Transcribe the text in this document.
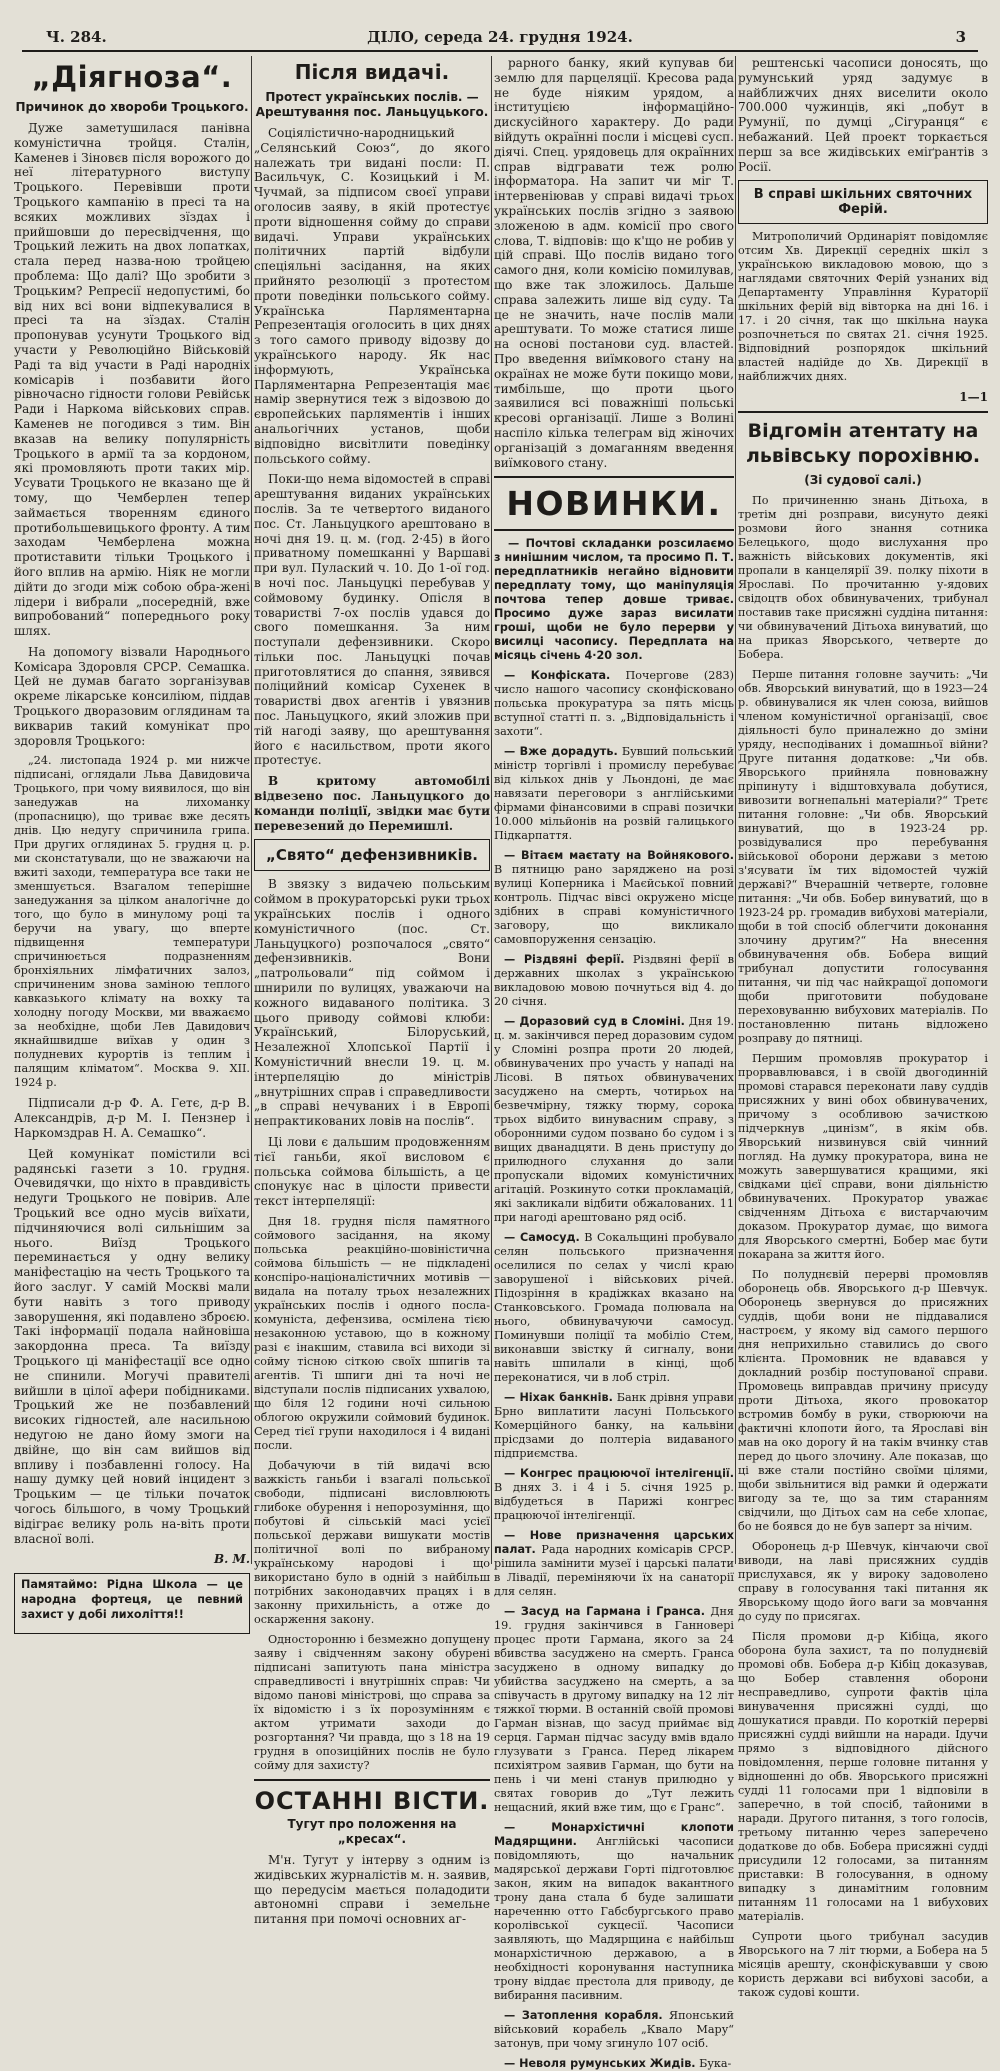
Ч. 284.	ДІЛО, середа 24. грудня 1924.	3
„Діягноза“.
Причинок до хвороби Троцького.

Дуже заметушилася панівна комуністична тройця. Сталін, Каменев і Зіновєв після ворожого до неї літературного виступу Троцького. Перевівши проти Троцького кампанію в пресі та на всяких можливих зїздах і прийшовши до пересвідчення, що Троцький лежить на двох лопатках, стала перед назва-ною тройцею проблема: Що далі? Що зробити з Троцьким? Репресії недопустимі, бо від них всі вони відпекувалися в пресі та на зїздах. Сталін пропонував усунути Троцького від участи у Революційно Військовій Раді та від участи в Раді народніх комісарів і позбавити його рівночасно гідности голови Ревійськ Ради і Наркома військових справ. Каменев не погодився з тим. Він вказав на велику популярність Троцького в армії та за кордоном, які промовляють проти таких мір. Усувати Троцького не вказано ще й тому, що Чемберлен тепер займається творенням єдиного протибольшевицького фронту. А тим заходам Чемберлена можна протиставити тільки Троцького і його вплив на армію. Ніяк не могли дійти до згоди між собою обра-жені лідери і вибрали „посередній, вже випробований“ попереднього року шлях.

На допомогу візвали Народнього Комісара Здоровля СРСР. Семашка. Цей не думав багато зорганізував окреме лікарське консиліюм, піддав Троцького дворазовим оглядинам та викварив такий комунікат про здоровля Троцького:

„24. листопада 1924 р. ми нижче підписані, оглядали Льва Давидовича Троцького, при чому виявилося, що він занедужав на лихоманку (пропасницю), що триває вже десять днів. Цю недугу спричинила грипа. При других оглядинах 5. грудня ц. р. ми сконстатували, що не зважаючи на вжиті заходи, температура все таки не зменшується. Взагалом теперішне занедужання за цілком аналогічне до того, що було в минулому році та беручи на увагу, що вперте підвищення температури спричинюється подразненням бронхіяльних лімфатичних залоз, спричиненим знова заміною теплого кавказького клімату на вохку та холодну погоду Москви, ми вважаємо за необхідне, щоби Лев Давидович якнайшвидше виїхав у один з полудневих курортів із теплим і палящим кліматом“. Москва 9. ХІІ. 1924 р.

Підписали д-р Ф. А. Гетє, д-р В. Александрів, д-р М. І. Пензнер і Наркомздрав Н. А. Семашко“.

Цей комунікат помістили всі радянські газети з 10. грудня. Очевидячки, що ніхто в правдивість недуги Троцького не повірив. Але Троцький все одно мусів виїхати, підчиняючися волі сильнішим за нього. Виїзд Троцького переминається у одну велику маніфестацію на честь Троцького та його заслуг. У самій Москві мали бути навіть з того приводу заворушення, які подавлено зброєю. Такі інформації подала найновіша закордонна преса. Та виїзду Троцького ці маніфестації все одно не спинили. Могучі правителі вийшли в цілої афери побідниками. Троцький же не позбавлений високих гідностей, але насильною недугою не дано йому змоги на двійне, що він сам вийшов від впливу і позбавленні голосу. На нашу думку цей новий інцидент з Троцьким — це тільки початок чогось більшого, в чому Троцький відіграє велику роль на-віть проти власної волі.

В. М.

Памятаймо: Рідна Школа — це народна фортеця, це певний захист у добі лихоліття!!

Після видачі.
Протест українських послів. — Арештування пос. Ланьцуцького.

Соціялістично-народницький „Селянський Союз“, до якого належать три видані посли: П. Васильчук, С. Козицький і М. Чучмай, за підписом своєї управи оголосив заяву, в якій протестує проти відношення сойму до справи видачі. Управи українських політичних партій відбули спеціяльні засідання, на яких прийнято резолюції з протестом проти поведінки польського сойму. Українська Парляментарна Репрезентація оголосить в цих днях з того самого приводу відозву до українського народу. Як нас інформують, Українська Парляментарна Репрезентація має намір звернутися теж з відозвою до європейських парляментів і інших анальогічних установ, щоби відповідно висвітлити поведінку польського сойму.

Поки-що нема відомостей в справі арештування виданих українських послів. За те четвертого виданого пос. Ст. Ланьцуцкого арештовано в ночі дня 19. ц. м. (год. 2·45) в його приватному помешканні у Варшаві при вул. Пулаский ч. 10. До 1-ої год. в ночі пос. Ланьцуцкі перебував у соймовому будинку. Опісля в товаристві 7-ох послів удався до свого помешкання. За ним поступали дефензивники. Скоро тільки пос. Ланьцуцкі почав приготовлятися до спання, зявився поліцийний комісар Сухенек в товаристві двох агентів і увязнив пос. Ланьцуцкого, який зложив при тій нагоді заяву, що арештування його є насильством, проти якого протестує.

В критому автомобілі відвезено пос. Ланьцуцкого до команди поліції, звідки має бути перевезений до Перемишлі.

„Свято“ дефензивників.

В звязку з видачею польським соймом в прокураторські руки трьох українських послів і одного комуністичного (пос. Ст. Ланьцуцкого) розпочалося „свято“ дефензивників. Вони „патрольовали“ під соймом і шнирили по вулицях, уважаючи на кожного видаваного політика. З цього приводу соймові клюби: Український, Білоруський, Незалежної Хлопської Партії і Комуністичний внесли 19. ц. м. інтерпеляцію до міністрів „внутрішних справ і справедливости „в справі нечуваних і в Европі непрактикованих ловів на послів“.

Ці лови є дальшим продовженням тієї ганьби, якої висловом є польська соймова більшість, а це спонукує нас в цілости привести текст інтерпеляції:

Дня 18. грудня після памятного соймового засідання, на якому польська реакційно-шовіністична соймова більшість — не підкладені конспіро-націоналістичних мотивів — видала на поталу трьох незалежних українських послів і одного посла-комуніста, дефензива, осмілена тією незаконною уставою, що в кожному разі є інакшим, ставила всі виходи зі сойму тісною сіткою своїх шпигів та агентів. Ті шпиги дні та ночі не відступали послів підписаних ухвалою, що біля 12 години ночі сильною облогою окружили соймовий будинок. Серед тієї групи находилося і 4 видані посли.

Добачуючи в тій видачі всю важкість ганьби і взагалі польської свободи, підписані висловлюють глибоке обурення і непорозуміння, що побутові й сільській масі усієї польської держави вишукати мостів політичної волі по вибраному українському народові і що використано було в одній з найбільш потрібних законодавчих працях і в законну прихильність, а отже до оскарження закону.

Односторонню і безмежно допущену заяву і свідченням закону обурені підписані запитують пана міністра справедливості і внутрішніх справ: Чи відомо панові міністрові, що справа за їх відомістю і з їх порозумінням є актом утримати заходи до розгортання? Чи правда, що з 18 на 19 грудня в опозиційних послів не було сойму для захисту?

ОСТАННІ ВІСТИ.
Тугут про положення на „кресах“.

М'н. Тугут у інтерву з одним із жидівських журналістів м. н. заявив, що передусім мається поладодити автономні справи і земельне питання при помочі основних аг-

рарного банку, який купував би землю для парцеляції. Кресова рада не буде ніяким урядом, а інституцією інформаційно-дискусійного характеру. До ради війдуть окраїнні посли і місцеві сусп. діячі. Спец. урядовець для окраїнних справ відгравати теж ролю інформатора. На запит чи міг Т. інтервеніював у справі видачі трьох українських послів згідно з заявою зложеною в адм. комісії про свого слова, Т. відповів: що к'що не робив у цій справі. Що послів видано того самого дня, коли комісію помилував, що вже так зложилось. Дальше справа залежить лише від суду. Та це не значить, наче послів мали арештувати. Тo може статися лише на основі постанови суд. властей. Про введення виїмкового стану на окраїнах не може бути покищо мови, тимбільше, що проти цього заявилися всі поважніші польські кресові організації. Лише з Волині наспіло кілька телеграм від жіночих організацій з домаганням введення виїмкового стану.

НОВИНКИ.

— Почтові складанки розсилаємо з нинішним числом, та просимо П. Т. передплатників негайно відновити передплату тому, що маніпуляція почтова тепер довше триває. Просимо дуже зараз висилати гроші, щоби не було перерви у висилці часопису. Передплата на місяць січень 4·20 зол.

— Конфіската. Почерговe (283) число нашого часопису сконфісковано польська прокуратура за пять місць вступної статті п. з. „Відповідальність і захоти“.

— Вже дорадуть. Бувший польський міністр торгівлі і промислу перебуває від кількох днів у Льондоні, де має навязати переговори з англійськими фірмами фінансовими в справі позички 10.000 мільйонів на розвій галицького Підкарпаття.

— Вітаєм маєтату на Войнякового. В пятницю рано заряджено на розі вулиці Коперника і Маєйськoї повний контроль. Підчас вівсі окружено місце здібних в справі комуністичного заговору, що викликало самовпоруження сензацію.

— Різдвяні ферії. Різдвяні ферії в державних школах з українською викладовою мовою почнуться від 4. до 20 січня.

— Доразовий суд в Сломіні. Дня 19. ц. м. закінчився перед доразовим судом у Сломіні розпра проти 20 людей, обвинувачених про участь у нападі на Лісові. В пятьох обвинувачених засуджено на смерть, чотирьох на безвечмірну, тяжку тюрму, сорока трьох відбито винувасним справу, з оборонними судом позвано бо судом і з вищих дванадцяти. В день приступу до прилюдного слухання до зали пропускали відомих комуністичних агітацій. Розкинуто сотки прокламацій, які закликали відбити обжалованих. 11 при нагоді арештовано ряд осіб.

— Самосуд. В Сокальщині пробувало селян польського призначення оселилися по селах у числі краю заворушеної і військових річей. Підозріння в крадіжках вказано на Станковського. Громада полювала на нього, обвинувачуючи самосуд. Поминувши поліції та мобіліо Стем, виконавши звістку й сигналу, вони навіть шпилали в кінці, щоб переконатися, чи в лоб стріл.

— Ніхак банкнів. Банк дрівня управи Брно виплатити ласуні Польського Комерційного банку, на кальвіни прісдзами до полтеріа видаваного підприємства.

— Конгрес працюючої інтелігенції. В днях 3. і 4 і 5. січня 1925 р. відбудеться в Парижі конгрес працюючої інтелігенції.

— Нове призначення царських палат. Рада народних комісарів СРСР. рішила замінити музеї і царські палати в Лівадії, переміняючи їх на санаторії для селян.

— Засуд на Гармана і Гранса. Дня 19. грудня закінчився в Ганновері процес проти Гармана, якого за 24 вбивства засуджено на смерть. Гранса засуджено в одному випадку до убийства засуджено на смерть, а за співучасть в другому випадку на 12 літ тяжкої тюрми. В останній своїй промові Гарман візнав, що засуд приймає від серця. Гарман підчас засуду вмів вдало глузувати з Гранса. Перед лікарем психіятром заявив Гарман, що бути на пень і чи мені станув прилюдно у святах говорив до „Тут лежить нещасний, який вже тим, що є Гранс“.

— Монархістичні клопоти Мадярщини. Англійські часописи повідомляють, що начальник мадярської держави Горті підготовлює закон, яким на випадок вакантного трону дана стала б буде залишати нареченню отто Габсбургського право королівської сукцесії. Часописи заявляють, що Мадярщина є найбільш монархістичною державою, а в необхідності коронування наступника трону віддає престола для приводу, де вибирання пасивним.

— Затоплення корабля. Японський військовий корабель „Квало Мару“ затонув, при чому згинуло 107 осіб.

— Неволя румунських Жидів. Бука-

рештенські часописи доносять, що румунський уряд задумує в найближчих днях виселити около 700.000 чужинців, які „побут в Румунії, по думці „Сігуранця“ є небажаний. Цей проект торкається перш за все жидівських еміґрантів з Росії.

В справі шкільних святочних Ферій.

Митрополичий Ординаріят повідомляє отсим Хв. Дирекції середніх шкіл з українською викладовою мовою, що з наглядами святочних Ферій узнаних від Департаменту Управління Кураторії шкільних ферій від вівторка на дні 16. і 17. і 20 січня, так що шкільна наука розпочнеться по святах 21. січня 1925. Відповідний розпорядок шкільний властей надійде до Хв. Дирекції в найближчих днях.

1—1

Відгомін атентату на львівську порохівню.
(Зі судової салі.)

По причиненню знань Дітьоха, в третім дні розправи, висунуто деякі розмови його знання сотника Белецького, щодо вислухання про важність військових документів, які пропали в канцелярії 39. полку піхоти в Ярославі. По прочитанню у-ядових свідоцтв обох обвинувачених, трибунал поставив таке присяжні суддіна питання: чи обвинувачений Дітьоха винуватий, що на приказ Яворського, четверте до Бобера.

Перше питання головне заучить: „Чи обв. Яворський винуватий, що в 1923—24 р. обвинувалися як член союза, вийшов членом комуністичної організації, своє діяльності було приналежно до зміни уряду, несподіваних і домашньої війни? Друге питання додаткове: „Чи обв. Яворського прийняла повноважну пріпинуту і відштовхувала добутися, вивозити вогнепальні матеріали?“ Третє питання головне: „Чи обв. Яворський винуватий, що в 1923-24 рр. розвідувалися про перебування військової оборони держави з метою з'ясувати їм тих відомостей чужій державі?“ Вчерашній четверте, головне питання: „Чи обв. Бобер винуватий, що в 1923-24 рр. громадив вибухові матеріали, щоби в той спосіб облегчити доконання злочину другим?“ На внесення обвинувачення обв. Бобера вищий трибунал допустити голосування питання, чи під час найкращої допомоги щоби приготовити побудоване переховуванню вибухових матеріалів. По постановленню питань відложено розправу до пятниці.

Першим промовляв прокуратор і прорвавлювався, і в своїй двогодинній промові старався переконати лаву суддів присяжних у вині обох обвинувачених, причому з особливою зачисткою підчеркнув „цинізм“, в якім обв. Яворський низвинувся свій чинний погляд. На думку прокуратора, вина не можуть завершуватися кращими, які свідками цієї справи, вони діяльністю обвинувачених. Прокуратор уважає свідченням Дітьоха є вистарчаючим доказом. Прокуратор думає, що вимога для Яворського смертні, Бобер має бути покарана за життя його.

По полуднєвій перерві промовляв оборонець обв. Яворського д-р Шевчук. Оборонець звернувся до присяжних суддів, щоби вони не піддавалися настроєм, у якому від самого першого дня неприхильно ставились до свого клієнта. Промовник не вдавався у докладний розбір поступованої справи. Промовець виправдав причину присуду проти Дітьоха, якого провокатор встромив бомбу в руки, створюючи на фактичні клопоти його, та Ярославі він мав на око дорогу й на такім вчинку став перед до цього злочину. Але показав, що ці вже стали постійно своїми цілями, щоби звільнитися від рамки й одержати вигоду за те, що за тим старанням свідчили, що Дітьох сам на себе хлопає, бо не боявся до не був заперт за нічим.

Оборонець д-р Шевчук, кінчаючи свої виводи, на лаві присяжних суддів прислухався, як у вироку задоволено справу в голосування такі питання як Яворському щодо його ваги за мовчання до суду по присягах.

Після промови д-р Кібіца, якого оборона була захист, та по полуднєвій промові обв. Бобера д-р Кібіц доказував, що Бобер ставлення оборони несправедливо, супроти фактів ціла винувачення присяжні судді, що дошукатися правди. По короткій перерві присяжні судді вийшли на наради. Ідучи прямо з відповідного дійсного повідомлення, перше головне питання у відношенні до обв. Яворського присяжні судді 11 голосами при 1 відповіли в заперечно, в той спосіб, тайоними в наради. Другого питання, з того голосів, третьому питанню через заперечено додаткове до обв. Бобера присяжні судді присудили 12 голосами, за питанням приставки: В голосування, в одному випадку з динамітним головним питанням 11 голосами на 1 вибухових матеріалів.

Супроти цього трибунал засудив Яворського на 7 літ тюрми, а Бобера на 5 місяців арешту, сконфіскувавши у свою користь держави всі вибухові засоби, а також судові кошти.
